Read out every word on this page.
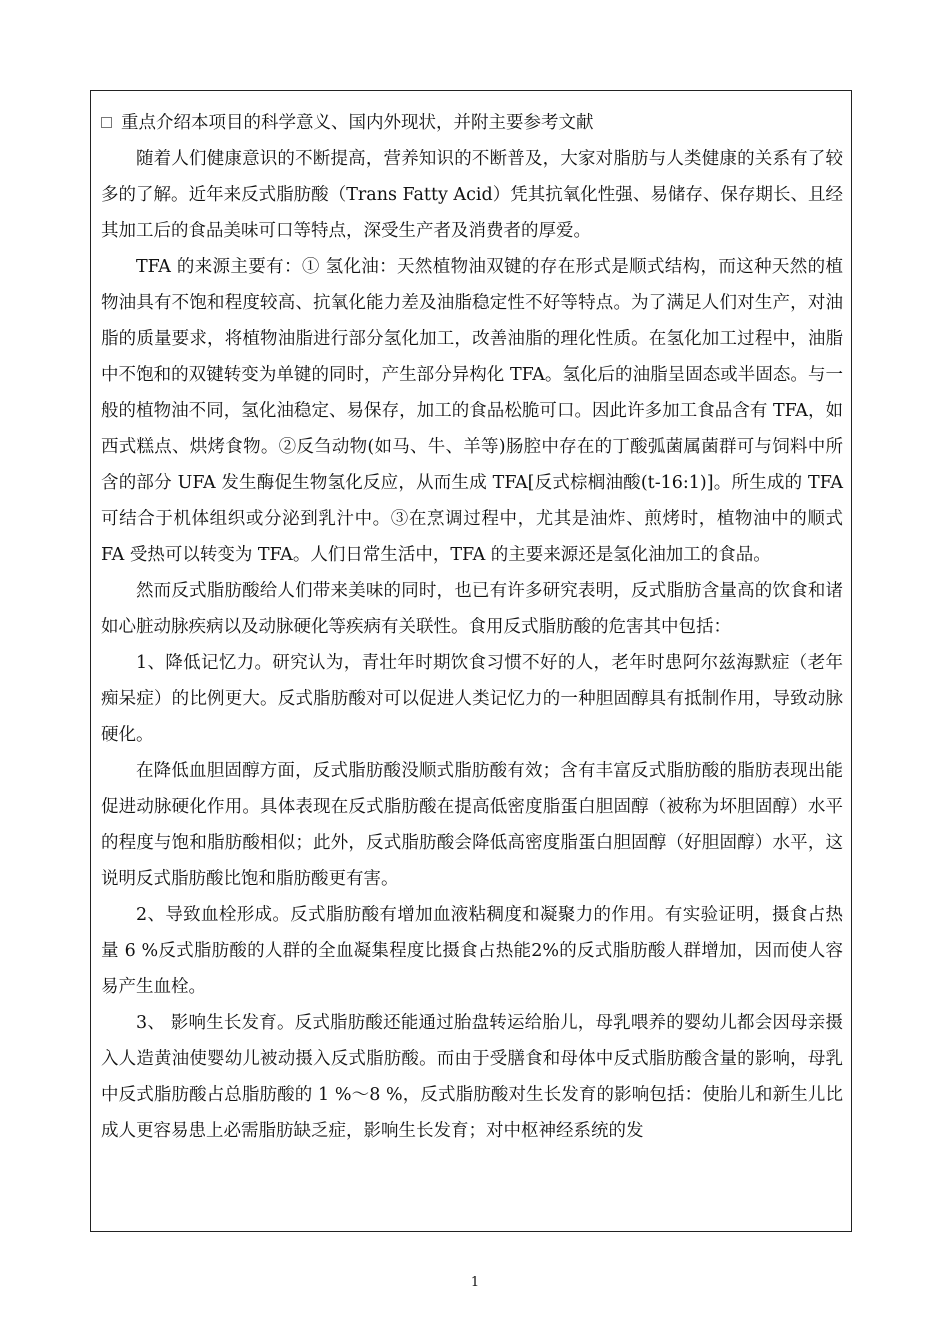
重点介绍本项目的科学意义、国内外现状，并附主要参考文献

随着人们健康意识的不断提高，营养知识的不断普及，大家对脂肪与人类健康的关系有了较多的了解。近年来反式脂肪酸（Trans Fatty Acid）凭其抗氧化性强、易储存、保存期长、且经其加工后的食品美味可口等特点，深受生产者及消费者的厚爱。

TFA 的来源主要有：① 氢化油：天然植物油双键的存在形式是顺式结构，而这种天然的植物油具有不饱和程度较高、抗氧化能力差及油脂稳定性不好等特点。为了满足人们对生产，对油脂的质量要求，将植物油脂进行部分氢化加工，改善油脂的理化性质。在氢化加工过程中，油脂中不饱和的双键转变为单键的同时，产生部分异构化 TFA。氢化后的油脂呈固态或半固态。与一般的植物油不同，氢化油稳定、易保存，加工的食品松脆可口。因此许多加工食品含有 TFA，如西式糕点、烘烤食物。②反刍动物(如马、牛、羊等)肠腔中存在的丁酸弧菌属菌群可与饲料中所含的部分 UFA 发生酶促生物氢化反应，从而生成 TFA[反式棕榈油酸(t-16:1)]。所生成的 TFA 可结合于机体组织或分泌到乳汁中。③在烹调过程中，尤其是油炸、煎烤时，植物油中的顺式 FA 受热可以转变为 TFA。人们日常生活中，TFA 的主要来源还是氢化油加工的食品。

然而反式脂肪酸给人们带来美味的同时，也已有许多研究表明，反式脂肪含量高的饮食和诸如心脏动脉疾病以及动脉硬化等疾病有关联性。食用反式脂肪酸的危害其中包括：

1、降低记忆力。研究认为，青壮年时期饮食习惯不好的人，老年时患阿尔兹海默症（老年痴呆症）的比例更大。反式脂肪酸对可以促进人类记忆力的一种胆固醇具有抵制作用，导致动脉硬化。

在降低血胆固醇方面，反式脂肪酸没顺式脂肪酸有效；含有丰富反式脂肪酸的脂肪表现出能促进动脉硬化作用。具体表现在反式脂肪酸在提高低密度脂蛋白胆固醇（被称为坏胆固醇）水平的程度与饱和脂肪酸相似；此外，反式脂肪酸会降低高密度脂蛋白胆固醇（好胆固醇）水平，这说明反式脂肪酸比饱和脂肪酸更有害。

2、导致血栓形成。反式脂肪酸有增加血液粘稠度和凝聚力的作用。有实验证明，摄食占热量 6 %反式脂肪酸的人群的全血凝集程度比摄食占热能2%的反式脂肪酸人群增加，因而使人容易产生血栓。

3、 影响生长发育。反式脂肪酸还能通过胎盘转运给胎儿，母乳喂养的婴幼儿都会因母亲摄入人造黄油使婴幼儿被动摄入反式脂肪酸。而由于受膳食和母体中反式脂肪酸含量的影响，母乳中反式脂肪酸占总脂肪酸的 1 %～8 %，反式脂肪酸对生长发育的影响包括：使胎儿和新生儿比成人更容易患上必需脂肪缺乏症，影响生长发育；对中枢神经系统的发

1
